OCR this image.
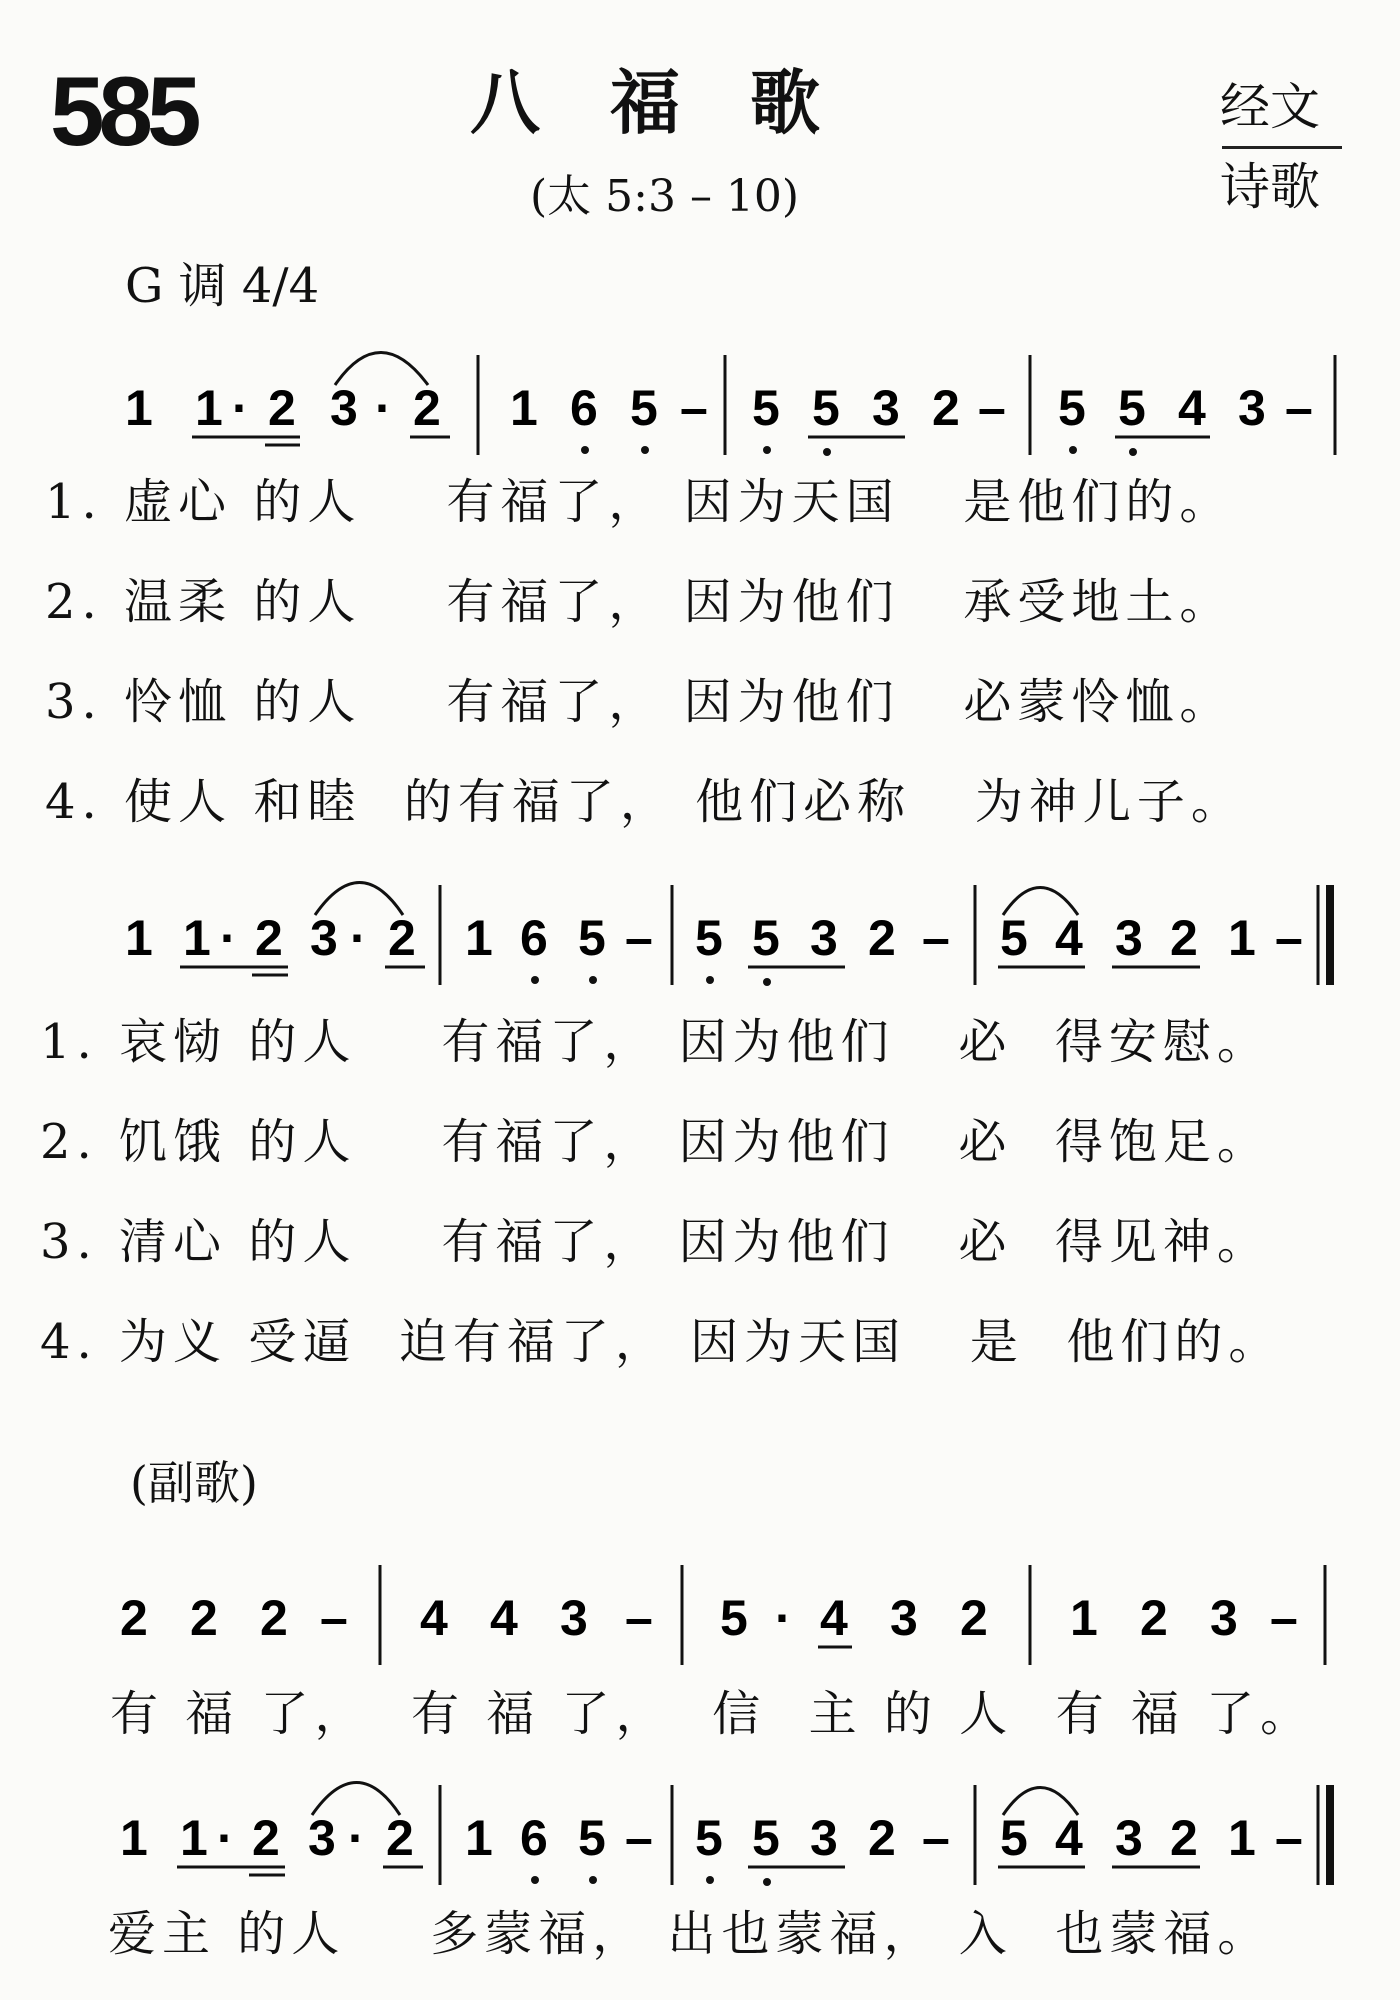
585	八福歌
(太 5:3 – 10)
经文
诗歌
G 调 4/4
1 1 · 2 3 · 2 1 6 5 – 5 5 3 2 – 5 5 4 3 –
1 1 · 2 3 · 2 1 6 5 – 5 5 3 2 – 5 4 3 2 1 –
2 2 2 – 4 4 3 – 5 · 4 3 2 1 2 3 –
1 1 · 2 3 · 2 1 6 5 – 5 5 3 2 – 5 4 3 2 1 –
1. 虚心 的人    有福了， 因为天国   是他们的。
2. 温柔 的人    有福了， 因为他们   承受地土。
3. 怜恤 的人    有福了， 因为他们   必蒙怜恤。
4. 使人 和睦  的有福了， 他们必称   为神儿子。
1. 哀恸 的人    有福了， 因为他们   必  得安慰。
2. 饥饿 的人    有福了， 因为他们   必  得饱足。
3. 清心 的人    有福了， 因为他们   必  得见神。
4. 为义 受逼  迫有福了， 因为天国   是  他们的。
(副歌)
有 福 了，  有 福 了，  信  主 的 人  有 福 了。
爱主 的人    多蒙福， 出也蒙福， 入  也蒙福。
